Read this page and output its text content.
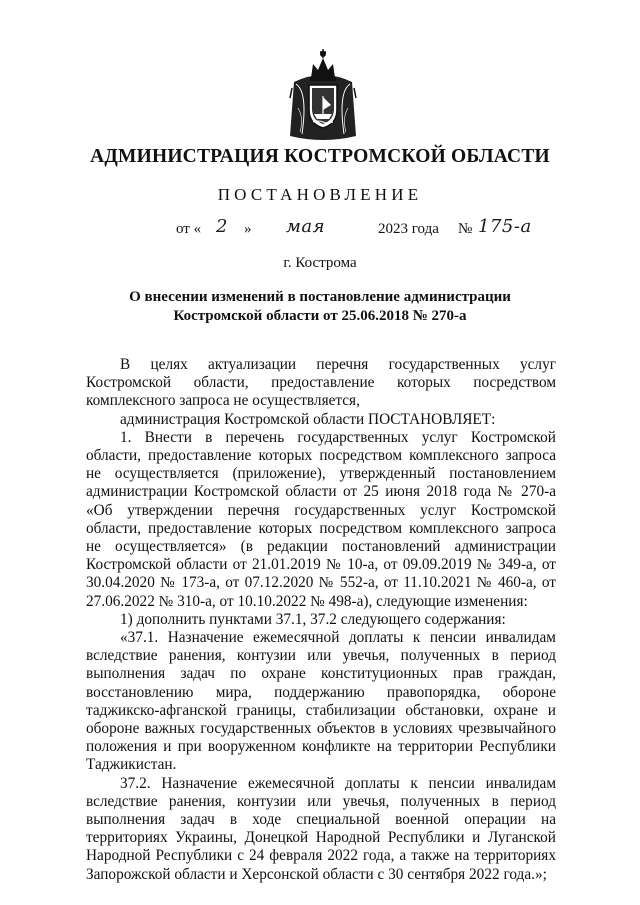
АДМИНИСТРАЦИЯ КОСТРОМСКОЙ ОБЛАСТИ
ПОСТАНОВЛЕНИЕ
от « 2 » мая	2023 года № 175-а
г. Кострома
О внесении изменений в постановление администрации
Костромской области от 25.06.2018 № 270-а

В целях актуализации перечня государственных услуг Костромской области, предоставление которых посредством комплексного запроса не осуществляется,

администрация Костромской области ПОСТАНОВЛЯЕТ:

1. Внести в перечень государственных услуг Костромской области, предоставление которых посредством комплексного запроса не осуществляется (приложение), утвержденный постановлением администрации Костромской области от 25 июня 2018 года № 270-а «Об утверждении перечня государственных услуг Костромской области, предоставление которых посредством комплексного запроса не осуществляется» (в редакции постановлений администрации Костромской области от 21.01.2019 № 10-а, от 09.09.2019 № 349-а, от 30.04.2020 № 173-а, от 07.12.2020 № 552-а, от 11.10.2021 № 460-а, от 27.06.2022 № 310-а, от 10.10.2022 № 498-а), следующие изменения:

1) дополнить пунктами 37.1, 37.2 следующего содержания:

«37.1. Назначение ежемесячной доплаты к пенсии инвалидам вследствие ранения, контузии или увечья, полученных в период выполнения задач по охране конституционных прав граждан, восстановлению мира, поддержанию правопорядка, обороне таджикско-афганской границы, стабилизации обстановки, охране и обороне важных государственных объектов в условиях чрезвычайного положения и при вооруженном конфликте на территории Республики Таджикистан.

37.2. Назначение ежемесячной доплаты к пенсии инвалидам вследствие ранения, контузии или увечья, полученных в период выполнения задач в ходе специальной военной операции на территориях Украины, Донецкой Народной Республики и Луганской Народной Республики с 24 февраля 2022 года, а также на территориях Запорожской области и Херсонской области с 30 сентября 2022 года.»;
